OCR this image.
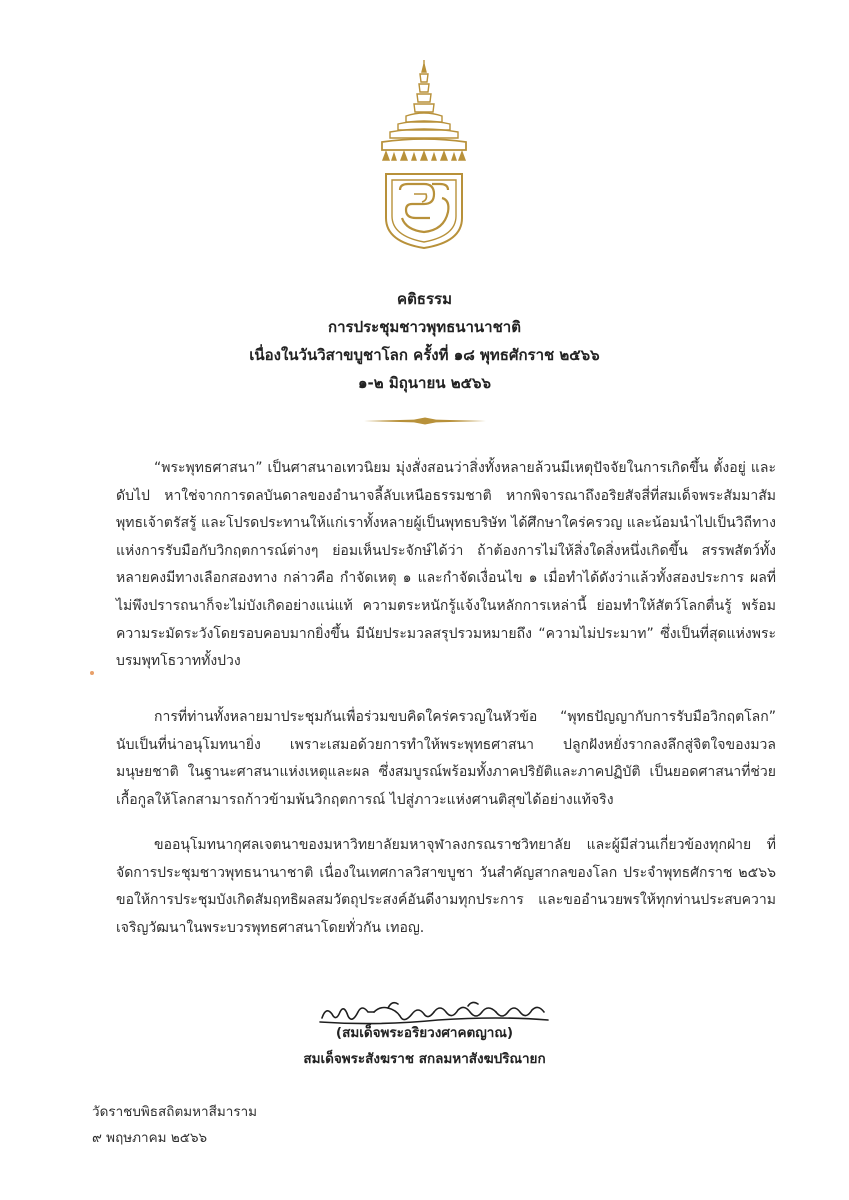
คติธรรม
การประชุมชาวพุทธนานาชาติ
เนื่องในวันวิสาขบูชาโลก ครั้งที่ ๑๘ พุทธศักราช ๒๕๖๖
๑-๒ มิถุนายน ๒๕๖๖
“พระพุทธศาสนา” เป็นศาสนาอเทวนิยม มุ่งสั่งสอนว่าสิ่งทั้งหลายล้วนมีเหตุปัจจัยในการเกิดขึ้น ตั้งอยู่ และดับไป หาใช่จากการดลบันดาลของอำนาจลี้ลับเหนือธรรมชาติ หากพิจารณาถึงอริยสัจสี่ที่สมเด็จพระสัมมาสัมพุทธเจ้าตรัสรู้ และโปรดประทานให้แก่เราทั้งหลายผู้เป็นพุทธบริษัท ได้ศึกษาใคร่ครวญ และน้อมนำไปเป็นวิถีทางแห่งการรับมือกับวิกฤตการณ์ต่างๆ ย่อมเห็นประจักษ์ได้ว่า ถ้าต้องการไม่ให้สิ่งใดสิ่งหนึ่งเกิดขึ้น สรรพสัตว์ทั้งหลายคงมีทางเลือกสองทาง กล่าวคือ กำจัดเหตุ ๑ และกำจัดเงื่อนไข ๑ เมื่อทำได้ดังว่าแล้วทั้งสองประการ ผลที่ไม่พึงปรารถนาก็จะไม่บังเกิดอย่างแน่แท้ ความตระหนักรู้แจ้งในหลักการเหล่านี้ ย่อมทำให้สัตว์โลกตื่นรู้ พร้อมความระมัดระวังโดยรอบคอบมากยิ่งขึ้น มีนัยประมวลสรุปรวมหมายถึง “ความไม่ประมาท” ซึ่งเป็นที่สุดแห่งพระบรมพุทโธวาททั้งปวง
การที่ท่านทั้งหลายมาประชุมกันเพื่อร่วมขบคิดใคร่ครวญในหัวข้อ “พุทธปัญญากับการรับมือวิกฤตโลก” นับเป็นที่น่าอนุโมทนายิ่ง เพราะเสมอด้วยการทำให้พระพุทธศาสนา ปลูกฝังหยั่งรากลงลึกสู่จิตใจของมวลมนุษยชาติ ในฐานะศาสนาแห่งเหตุและผล ซึ่งสมบูรณ์พร้อมทั้งภาคปริยัติและภาคปฏิบัติ เป็นยอดศาสนาที่ช่วยเกื้อกูลให้โลกสามารถก้าวข้ามพ้นวิกฤตการณ์ ไปสู่ภาวะแห่งศานติสุขได้อย่างแท้จริง
ขออนุโมทนากุศลเจตนาของมหาวิทยาลัยมหาจุฬาลงกรณราชวิทยาลัย และผู้มีส่วนเกี่ยวข้องทุกฝ่าย ที่จัดการประชุมชาวพุทธนานาชาติ เนื่องในเทศกาลวิสาขบูชา วันสำคัญสากลของโลก ประจำพุทธศักราช ๒๕๖๖ ขอให้การประชุมบังเกิดสัมฤทธิผลสมวัตถุประสงค์อันดีงามทุกประการ และขออำนวยพรให้ทุกท่านประสบความเจริญวัฒนาในพระบวรพุทธศาสนาโดยทั่วกัน เทอญ.
(สมเด็จพระอริยวงศาคตญาณ)
สมเด็จพระสังฆราช สกลมหาสังฆปริณายก
วัดราชบพิธสถิตมหาสีมาราม
๙ พฤษภาคม ๒๕๖๖
